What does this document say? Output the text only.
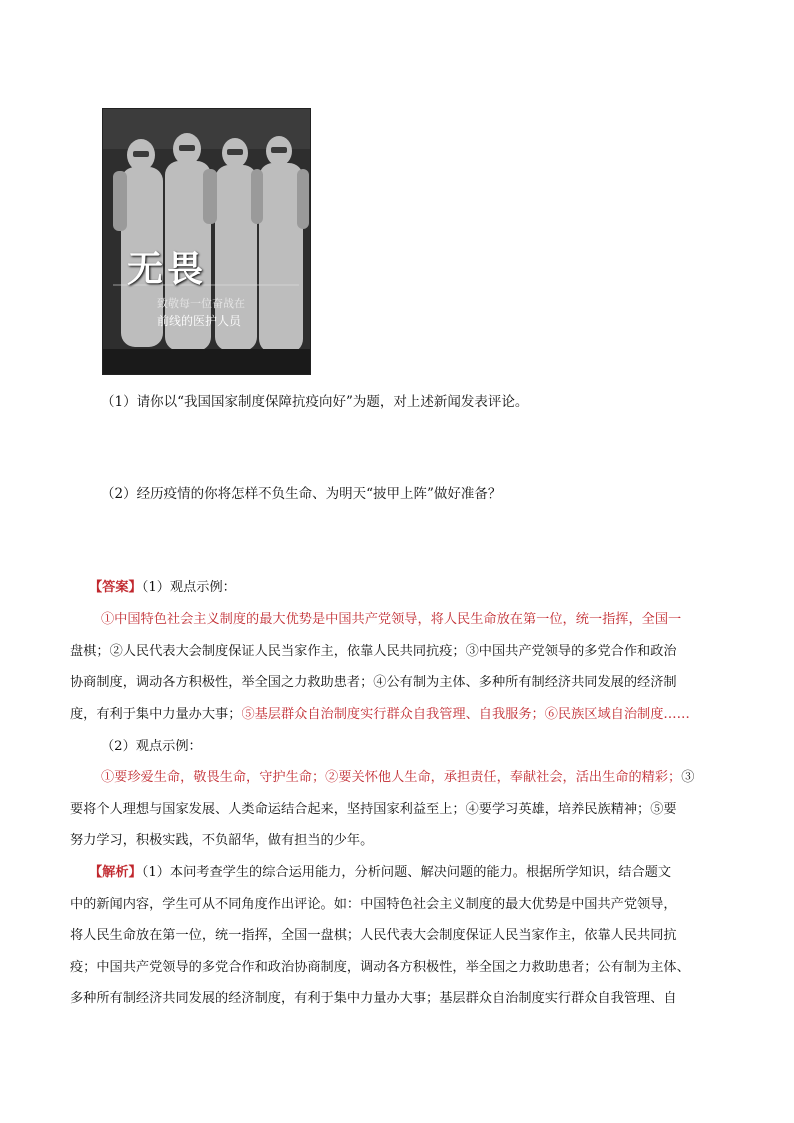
无畏
致敬每一位奋战在
前线的医护人员
（1）请你以“我国国家制度保障抗疫向好”为题，对上述新闻发表评论。
（2）经历疫情的你将怎样不负生命、为明天“披甲上阵”做好准备？
【答案】（1）观点示例：
①中国特色社会主义制度的最大优势是中国共产党领导，将人民生命放在第一位，统一指挥，全国一
盘棋；②人民代表大会制度保证人民当家作主，依靠人民共同抗疫；③中国共产党领导的多党合作和政治
协商制度，调动各方积极性，举全国之力救助患者；④公有制为主体、多种所有制经济共同发展的经济制
度，有利于集中力量办大事；⑤基层群众自治制度实行群众自我管理、自我服务；⑥民族区域自治制度……
（2）观点示例：
①要珍爱生命，敬畏生命，守护生命；②要关怀他人生命，承担责任，奉献社会，活出生命的精彩；③
要将个人理想与国家发展、人类命运结合起来，坚持国家利益至上；④要学习英雄，培养民族精神；⑤要
努力学习，积极实践，不负韶华，做有担当的少年。
【解析】（1）本问考查学生的综合运用能力，分析问题、解决问题的能力。根据所学知识，结合题文
中的新闻内容，学生可从不同角度作出评论。如：中国特色社会主义制度的最大优势是中国共产党领导，
将人民生命放在第一位，统一指挥，全国一盘棋；人民代表大会制度保证人民当家作主，依靠人民共同抗
疫；中国共产党领导的多党合作和政治协商制度，调动各方积极性，举全国之力救助患者；公有制为主体、
多种所有制经济共同发展的经济制度，有利于集中力量办大事；基层群众自治制度实行群众自我管理、自
